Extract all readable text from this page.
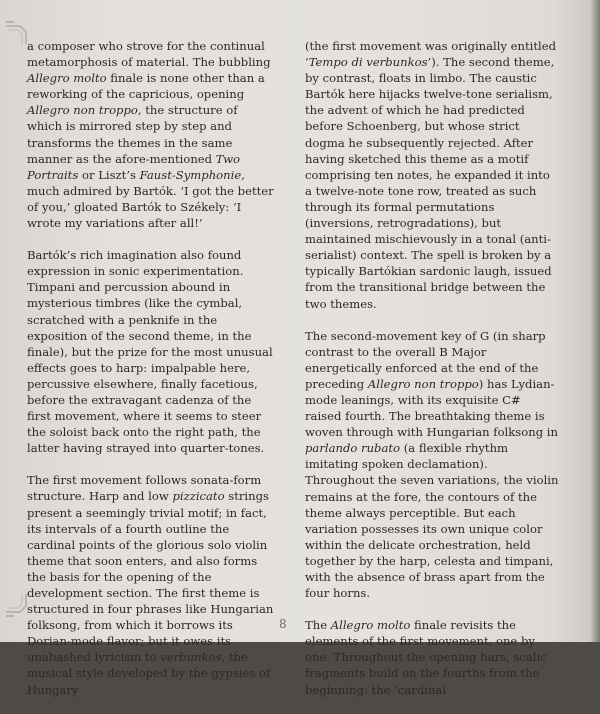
a composer who strove for the continual metamorphosis of material. The bubbling Allegro molto finale is none other than a reworking of the capricious, opening Allegro non troppo, the structure of which is mirrored step by step and transforms the themes in the same manner as the afore-mentioned Two Portraits or Liszt’s Faust-Symphonie, much admired by Bartók. ‘I got the better of you,’ gloated Bartók to Székely: ‘I wrote my variations after all!’

Bartók’s rich imagination also found expression in sonic experimentation. Timpani and percussion abound in mysterious timbres (like the cymbal, scratched with a penknife in the exposition of the second theme, in the finale), but the prize for the most unusual effects goes to harp: impalpable here, percussive elsewhere, finally facetious, before the extravagant cadenza of the first movement, where it seems to steer the soloist back onto the right path, the latter having strayed into quarter-tones.

The first movement follows sonata-form structure. Harp and low pizzicato strings present a seemingly trivial motif; in fact, its intervals of a fourth outline the cardinal points of the glorious solo violin theme that soon enters, and also forms the basis for the opening of the development section. The first theme is structured in four phrases like Hungarian folksong, from which it borrows its Dorian-mode flavor; but it owes its unabashed lyricism to verbunkos, the musical style developed by the gypsies of Hungary

(the first movement was originally entitled ‘Tempo di verbunkos’). The second theme, by contrast, floats in limbo. The caustic Bartók here hijacks twelve-tone serialism, the advent of which he had predicted before Schoenberg, but whose strict dogma he subsequently rejected. After having sketched this theme as a motif comprising ten notes, he expanded it into a twelve-note tone row, treated as such through its formal permutations (inversions, retrogradations), but maintained mischievously in a tonal (anti-serialist) context. The spell is broken by a typically Bartókian sardonic laugh, issued from the transitional bridge between the two themes.

The second-movement key of G (in sharp contrast to the overall B Major energetically enforced at the end of the preceding Allegro non troppo) has Lydian-mode leanings, with its exquisite C# raised fourth. The breathtaking theme is woven through with Hungarian folksong in parlando rubato (a flexible rhythm imitating spoken declamation). Throughout the seven variations, the violin remains at the fore, the contours of the theme always perceptible. But each variation possesses its own unique color within the delicate orchestration, held together by the harp, celesta and timpani, with the absence of brass apart from the four horns.

The Allegro molto finale revisits the elements of the first movement, one by one. Throughout the opening bars, scalic fragments build on the fourths from the beginning: the ‘cardinal

8
